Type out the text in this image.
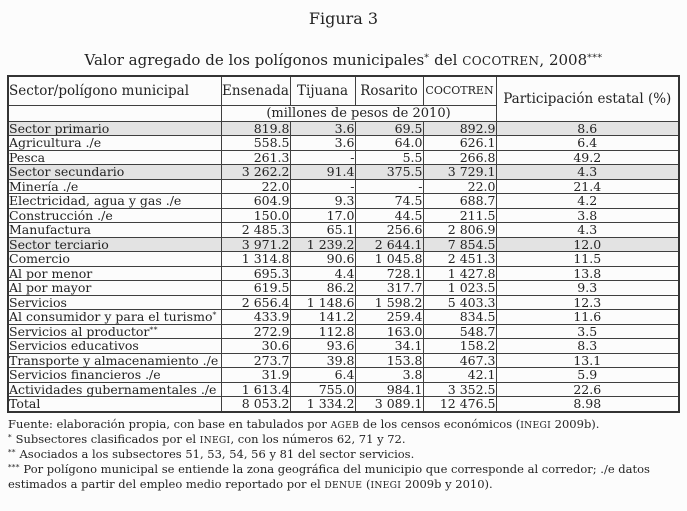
Figura 3
Valor agregado de los polígonos municipales* del COCOTREN, 2008***
Sector/polígono municipal	Ensenada	Tijuana	Rosarito	COCOTREN	Participación estatal (%)
	(millones de pesos de 2010)				
Sector primario	819.8	3.6	69.5	892.9	8.6
Agricultura ./e	558.5	3.6	64.0	626.1	6.4
Pesca	261.3	-	5.5	266.8	49.2
Sector secundario	3 262.2	91.4	375.5	3 729.1	4.3
Minería ./e	22.0	-	-	22.0	21.4
Electricidad, agua y gas ./e	604.9	9.3	74.5	688.7	4.2
Construcción ./e	150.0	17.0	44.5	211.5	3.8
Manufactura	2 485.3	65.1	256.6	2 806.9	4.3
Sector terciario	3 971.2	1 239.2	2 644.1	7 854.5	12.0
Comercio	1 314.8	90.6	1 045.8	2 451.3	11.5
Al por menor	695.3	4.4	728.1	1 427.8	13.8
Al por mayor	619.5	86.2	317.7	1 023.5	9.3
Servicios	2 656.4	1 148.6	1 598.2	5 403.3	12.3
Al consumidor y para el turismo*	433.9	141.2	259.4	834.5	11.6
Servicios al productor**	272.9	112.8	163.0	548.7	3.5
Servicios educativos	30.6	93.6	34.1	158.2	8.3
Transporte y almacenamiento ./e	273.7	39.8	153.8	467.3	13.1
Servicios financieros ./e	31.9	6.4	3.8	42.1	5.9
Actividades gubernamentales ./e	1 613.4	755.0	984.1	3 352.5	22.6
Total	8 053.2	1 334.2	3 089.1	12 476.5	8.98
Fuente: elaboración propia, con base en tabulados por AGEB de los censos económicos (INEGI 2009b).
* Subsectores clasificados por el INEGI, con los números 62, 71 y 72.
** Asociados a los subsectores 51, 53, 54, 56 y 81 del sector servicios.
*** Por polígono municipal se entiende la zona geográfica del municipio que corresponde al corredor; ./e datos estimados a partir del empleo medio reportado por el DENUE (INEGI 2009b y 2010).
